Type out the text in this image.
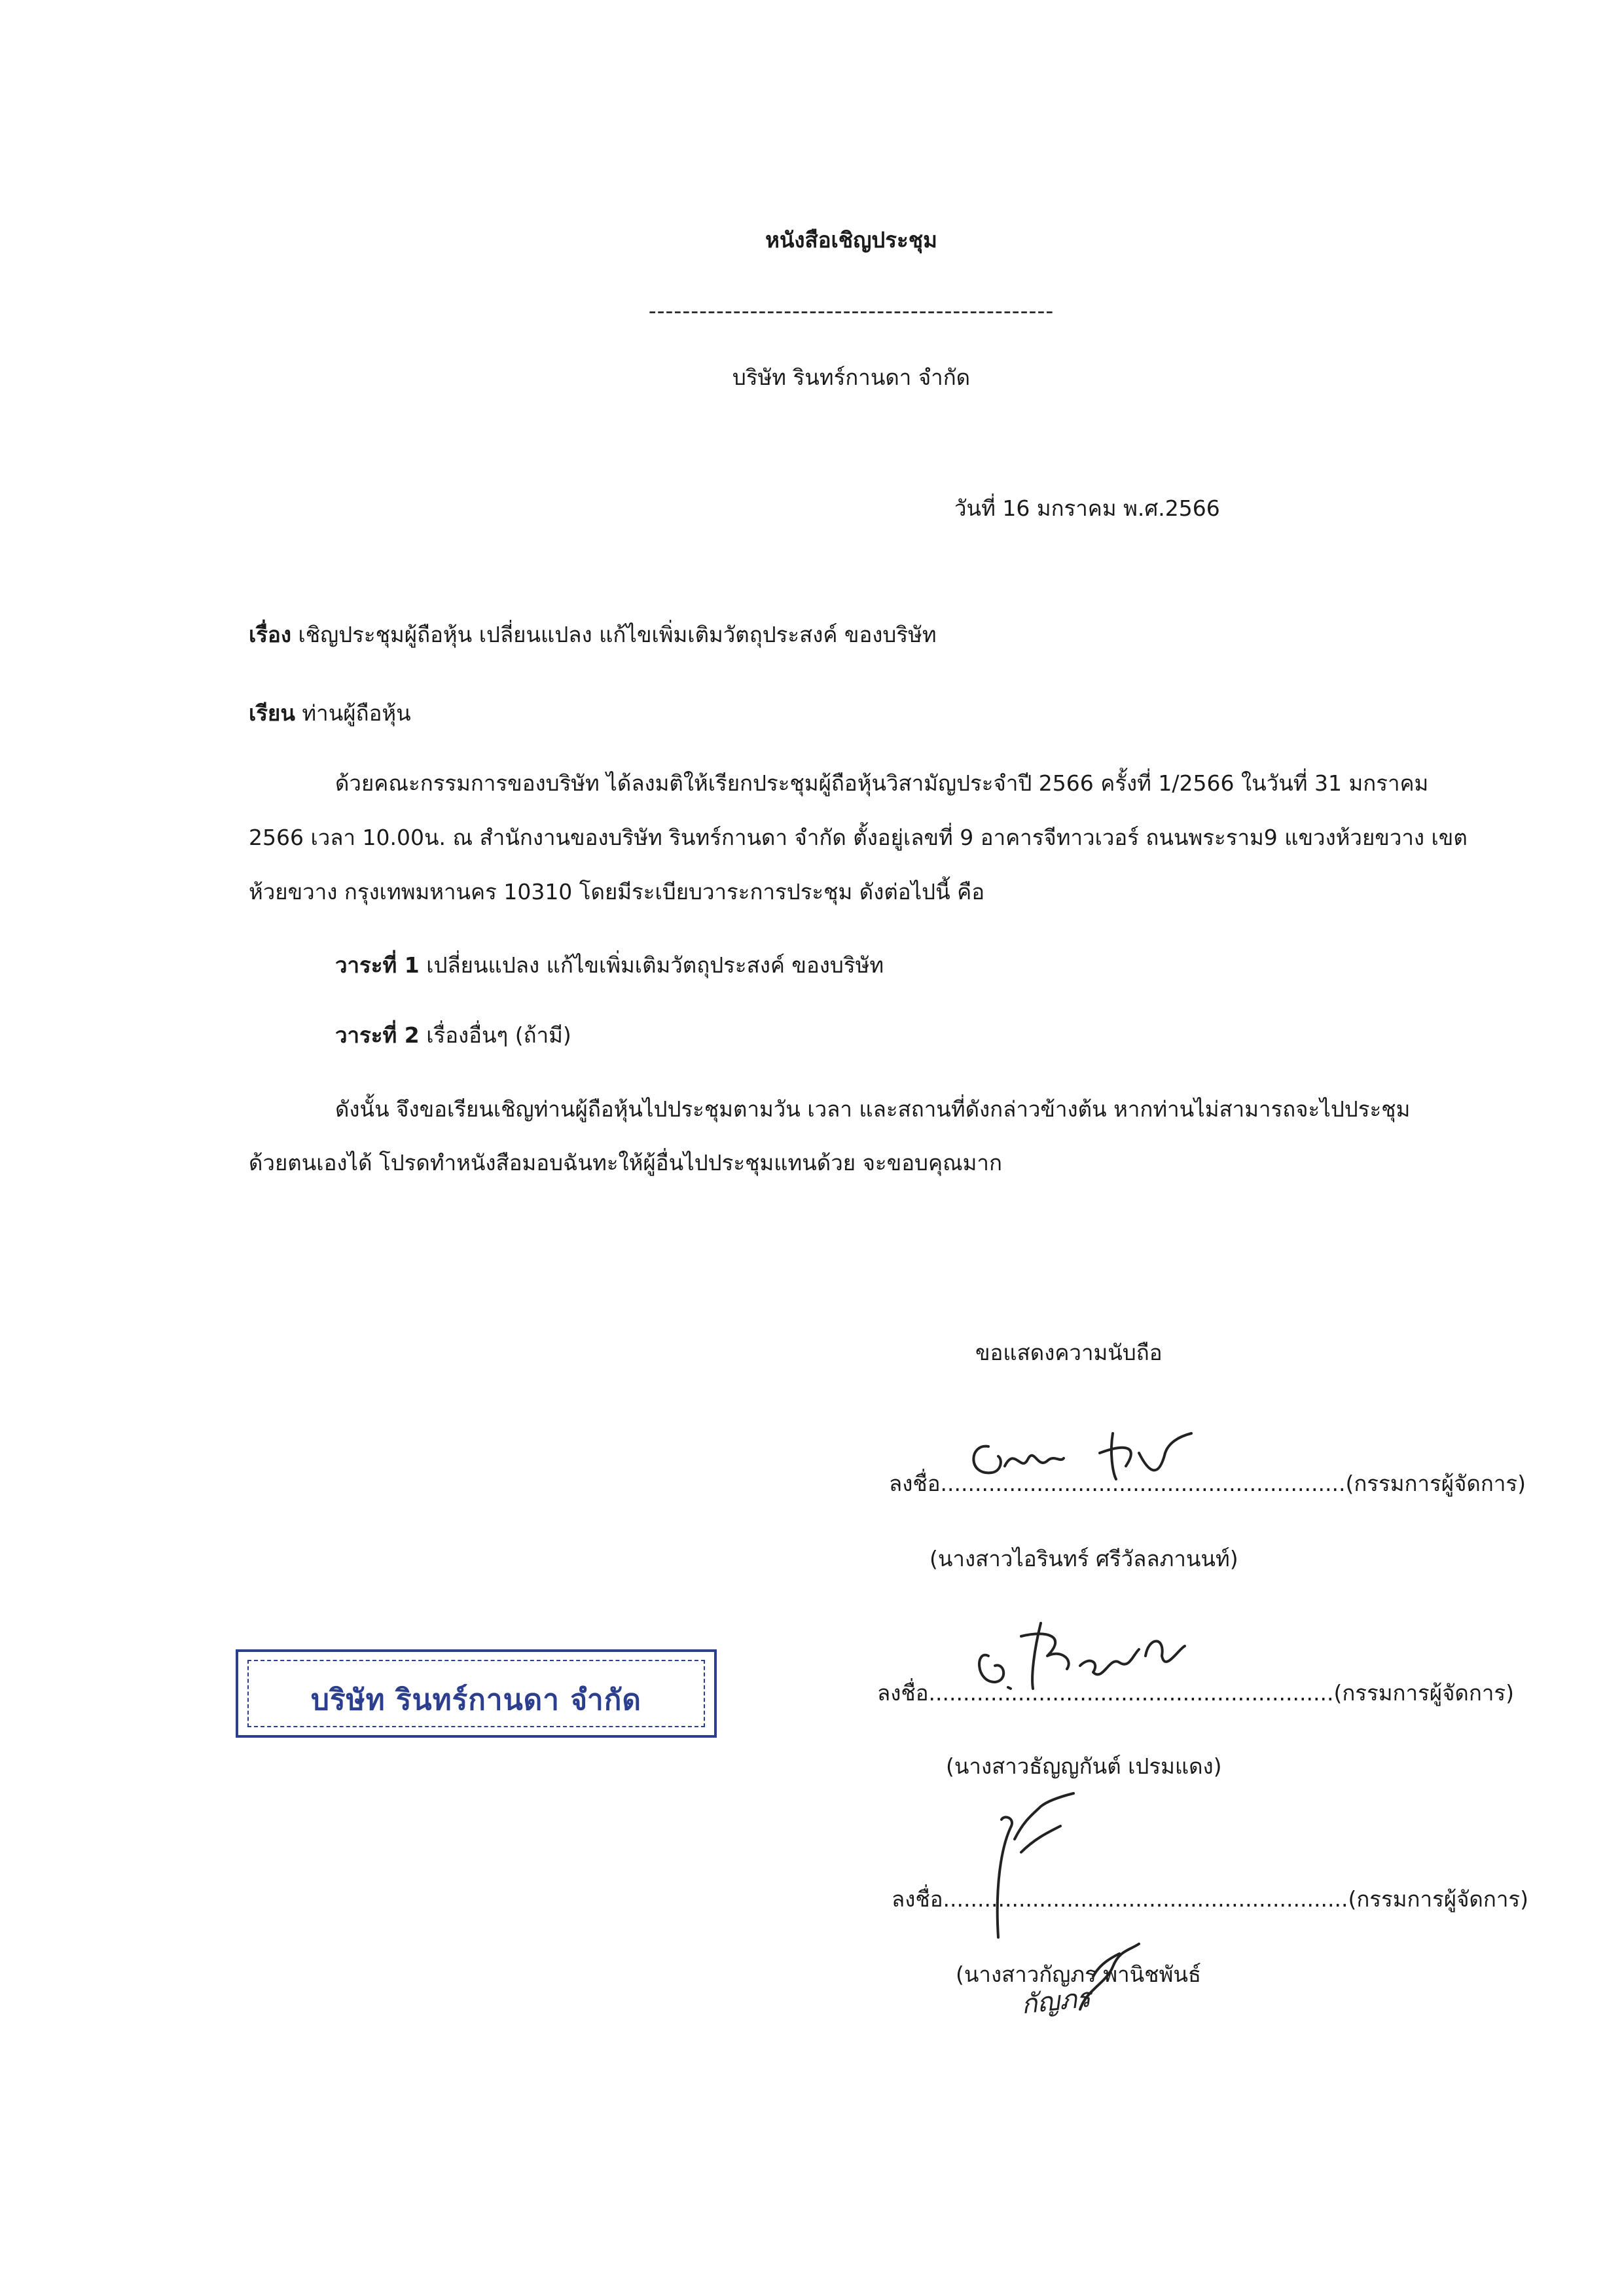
หนังสือเชิญประชุม
------------------------------------------------
บริษัท รินทร์กานดา จำกัด
วันที่ 16 มกราคม พ.ศ.2566
เรื่อง เชิญประชุมผู้ถือหุ้น เปลี่ยนแปลง แก้ไขเพิ่มเติมวัตถุประสงค์ ของบริษัท
เรียน ท่านผู้ถือหุ้น
ด้วยคณะกรรมการของบริษัท ได้ลงมติให้เรียกประชุมผู้ถือหุ้นวิสามัญประจำปี 2566 ครั้งที่ 1/2566 ในวันที่ 31 มกราคม
2566 เวลา 10.00น. ณ สำนักงานของบริษัท รินทร์กานดา จำกัด ตั้งอยู่เลขที่ 9 อาคารจีทาวเวอร์ ถนนพระราม9 แขวงห้วยขวาง เขต
ห้วยขวาง กรุงเทพมหานคร 10310 โดยมีระเบียบวาระการประชุม ดังต่อไปนี้ คือ
วาระที่ 1 เปลี่ยนแปลง แก้ไขเพิ่มเติมวัตถุประสงค์ ของบริษัท
วาระที่ 2 เรื่องอื่นๆ (ถ้ามี)
ดังนั้น จึงขอเรียนเชิญท่านผู้ถือหุ้นไปประชุมตามวัน เวลา และสถานที่ดังกล่าวข้างต้น หากท่านไม่สามารถจะไปประชุม
ด้วยตนเองได้ โปรดทำหนังสือมอบฉันทะให้ผู้อื่นไปประชุมแทนด้วย จะขอบคุณมาก
ขอแสดงความนับถือ
ลงชื่อ...........................................................(กรรมการผู้จัดการ)
(นางสาวไอรินทร์ ศรีวัลลภานนท์)
ลงชื่อ...........................................................(กรรมการผู้จัดการ)
(นางสาวธัญญกันต์ เปรมแดง)
ลงชื่อ...........................................................(กรรมการผู้จัดการ)
(นางสาวกัญภร พานิชพันธ์
กัญภร
บริษัท รินทร์กานดา จำกัด
